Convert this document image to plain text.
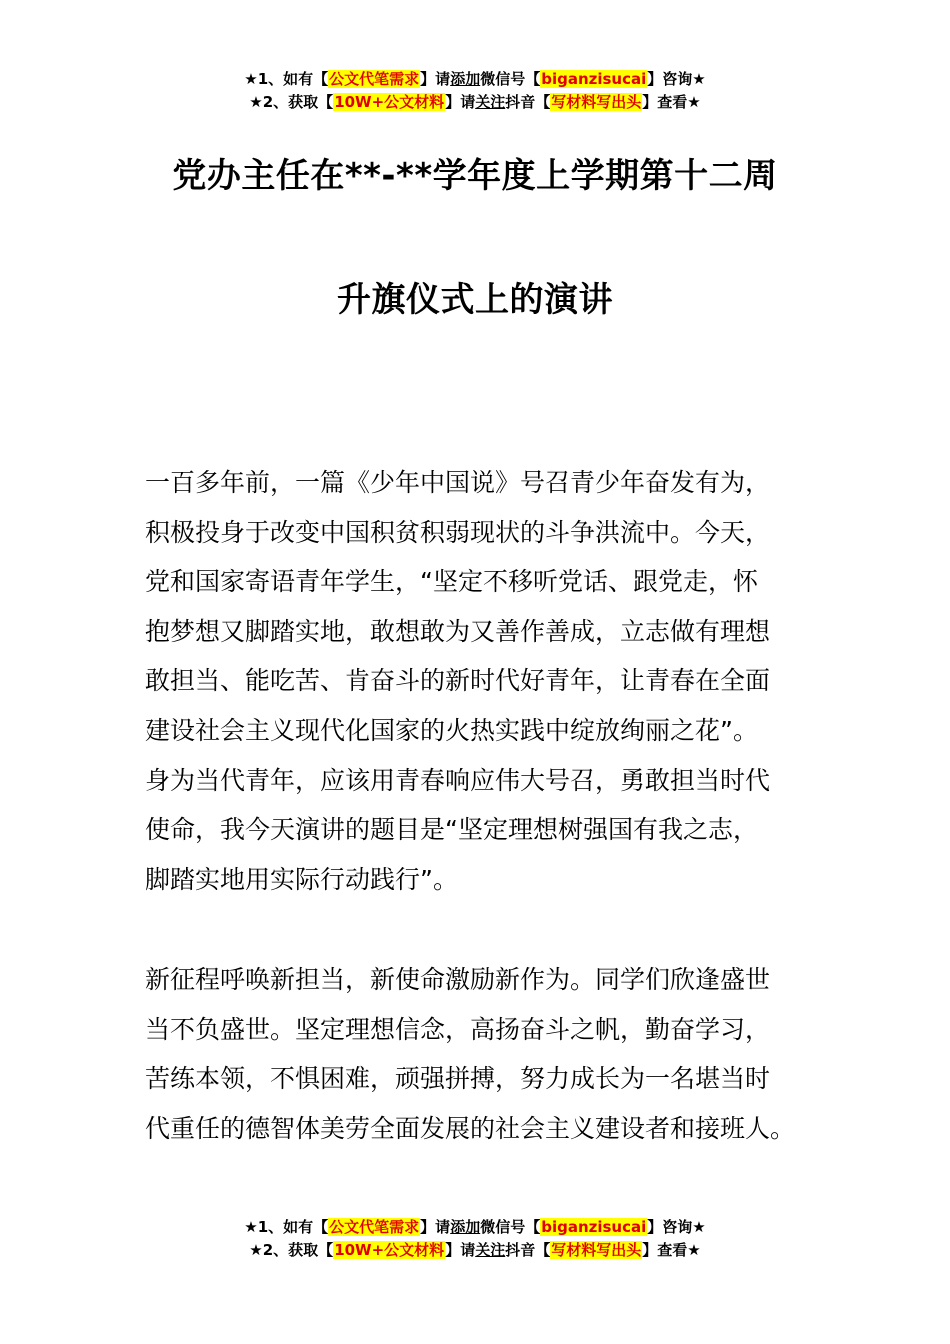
★1、如有【公文代笔需求】请添加微信号【biganzisucai】咨询★
★2、获取【10W+公文材料】请关注抖音【写材料写出头】查看★
党办主任在**-**学年度上学期第十二周
升旗仪式上的演讲
一百多年前，一篇《少年中国说》号召青少年奋发有为，
积极投身于改变中国积贫积弱现状的斗争洪流中。今天，
党和国家寄语青年学生，“坚定不移听党话、跟党走，怀
抱梦想又脚踏实地，敢想敢为又善作善成，立志做有理想
敢担当、能吃苦、肯奋斗的新时代好青年，让青春在全面
建设社会主义现代化国家的火热实践中绽放绚丽之花”。
身为当代青年，应该用青春响应伟大号召，勇敢担当时代
使命，我今天演讲的题目是“坚定理想树强国有我之志，
脚踏实地用实际行动践行”。
新征程呼唤新担当，新使命激励新作为。同学们欣逢盛世
当不负盛世。坚定理想信念，高扬奋斗之帆，勤奋学习，
苦练本领，不惧困难，顽强拼搏，努力成长为一名堪当时
代重任的德智体美劳全面发展的社会主义建设者和接班人。
★1、如有【公文代笔需求】请添加微信号【biganzisucai】咨询★
★2、获取【10W+公文材料】请关注抖音【写材料写出头】查看★
